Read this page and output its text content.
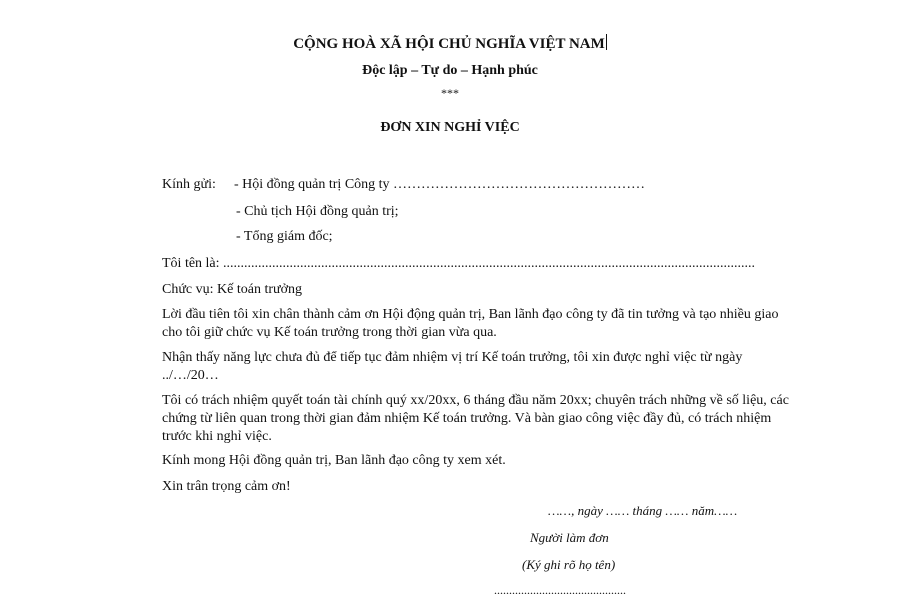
CỘNG HOÀ XÃ HỘI CHỦ NGHĨA VIỆT NAM
Độc lập – Tự do – Hạnh phúc
***
ĐƠN XIN NGHỈ VIỆC
Kính gửi: - Hội đồng quản trị Công ty ………………………………………………
- Chủ tịch Hội đồng quản trị;
- Tổng giám đốc;
Tôi tên là: ........................................................................................................................................................
Chức vụ: Kế toán trưởng
Lời đầu tiên tôi xin chân thành cảm ơn Hội động quản trị, Ban lãnh đạo công ty đã tin tưởng và tạo nhiều giao cho tôi giữ chức vụ Kế toán trưởng trong thời gian vừa qua.
Nhận thấy năng lực chưa đủ để tiếp tục đảm nhiệm vị trí Kế toán trưởng, tôi xin được nghỉ việc từ ngày ../…/20…
Tôi có trách nhiệm quyết toán tài chính quý xx/20xx, 6 tháng đầu năm 20xx; chuyên trách những về số liệu, các chứng từ liên quan trong thời gian đảm nhiệm Kế toán trưởng. Và bàn giao công việc đầy đủ, có trách nhiệm trước khi nghỉ việc.
Kính mong Hội đồng quản trị, Ban lãnh đạo công ty xem xét.
Xin trân trọng cảm ơn!
……, ngày …… tháng …… năm……
Người làm đơn
(Ký ghi rõ họ tên)
............................................
